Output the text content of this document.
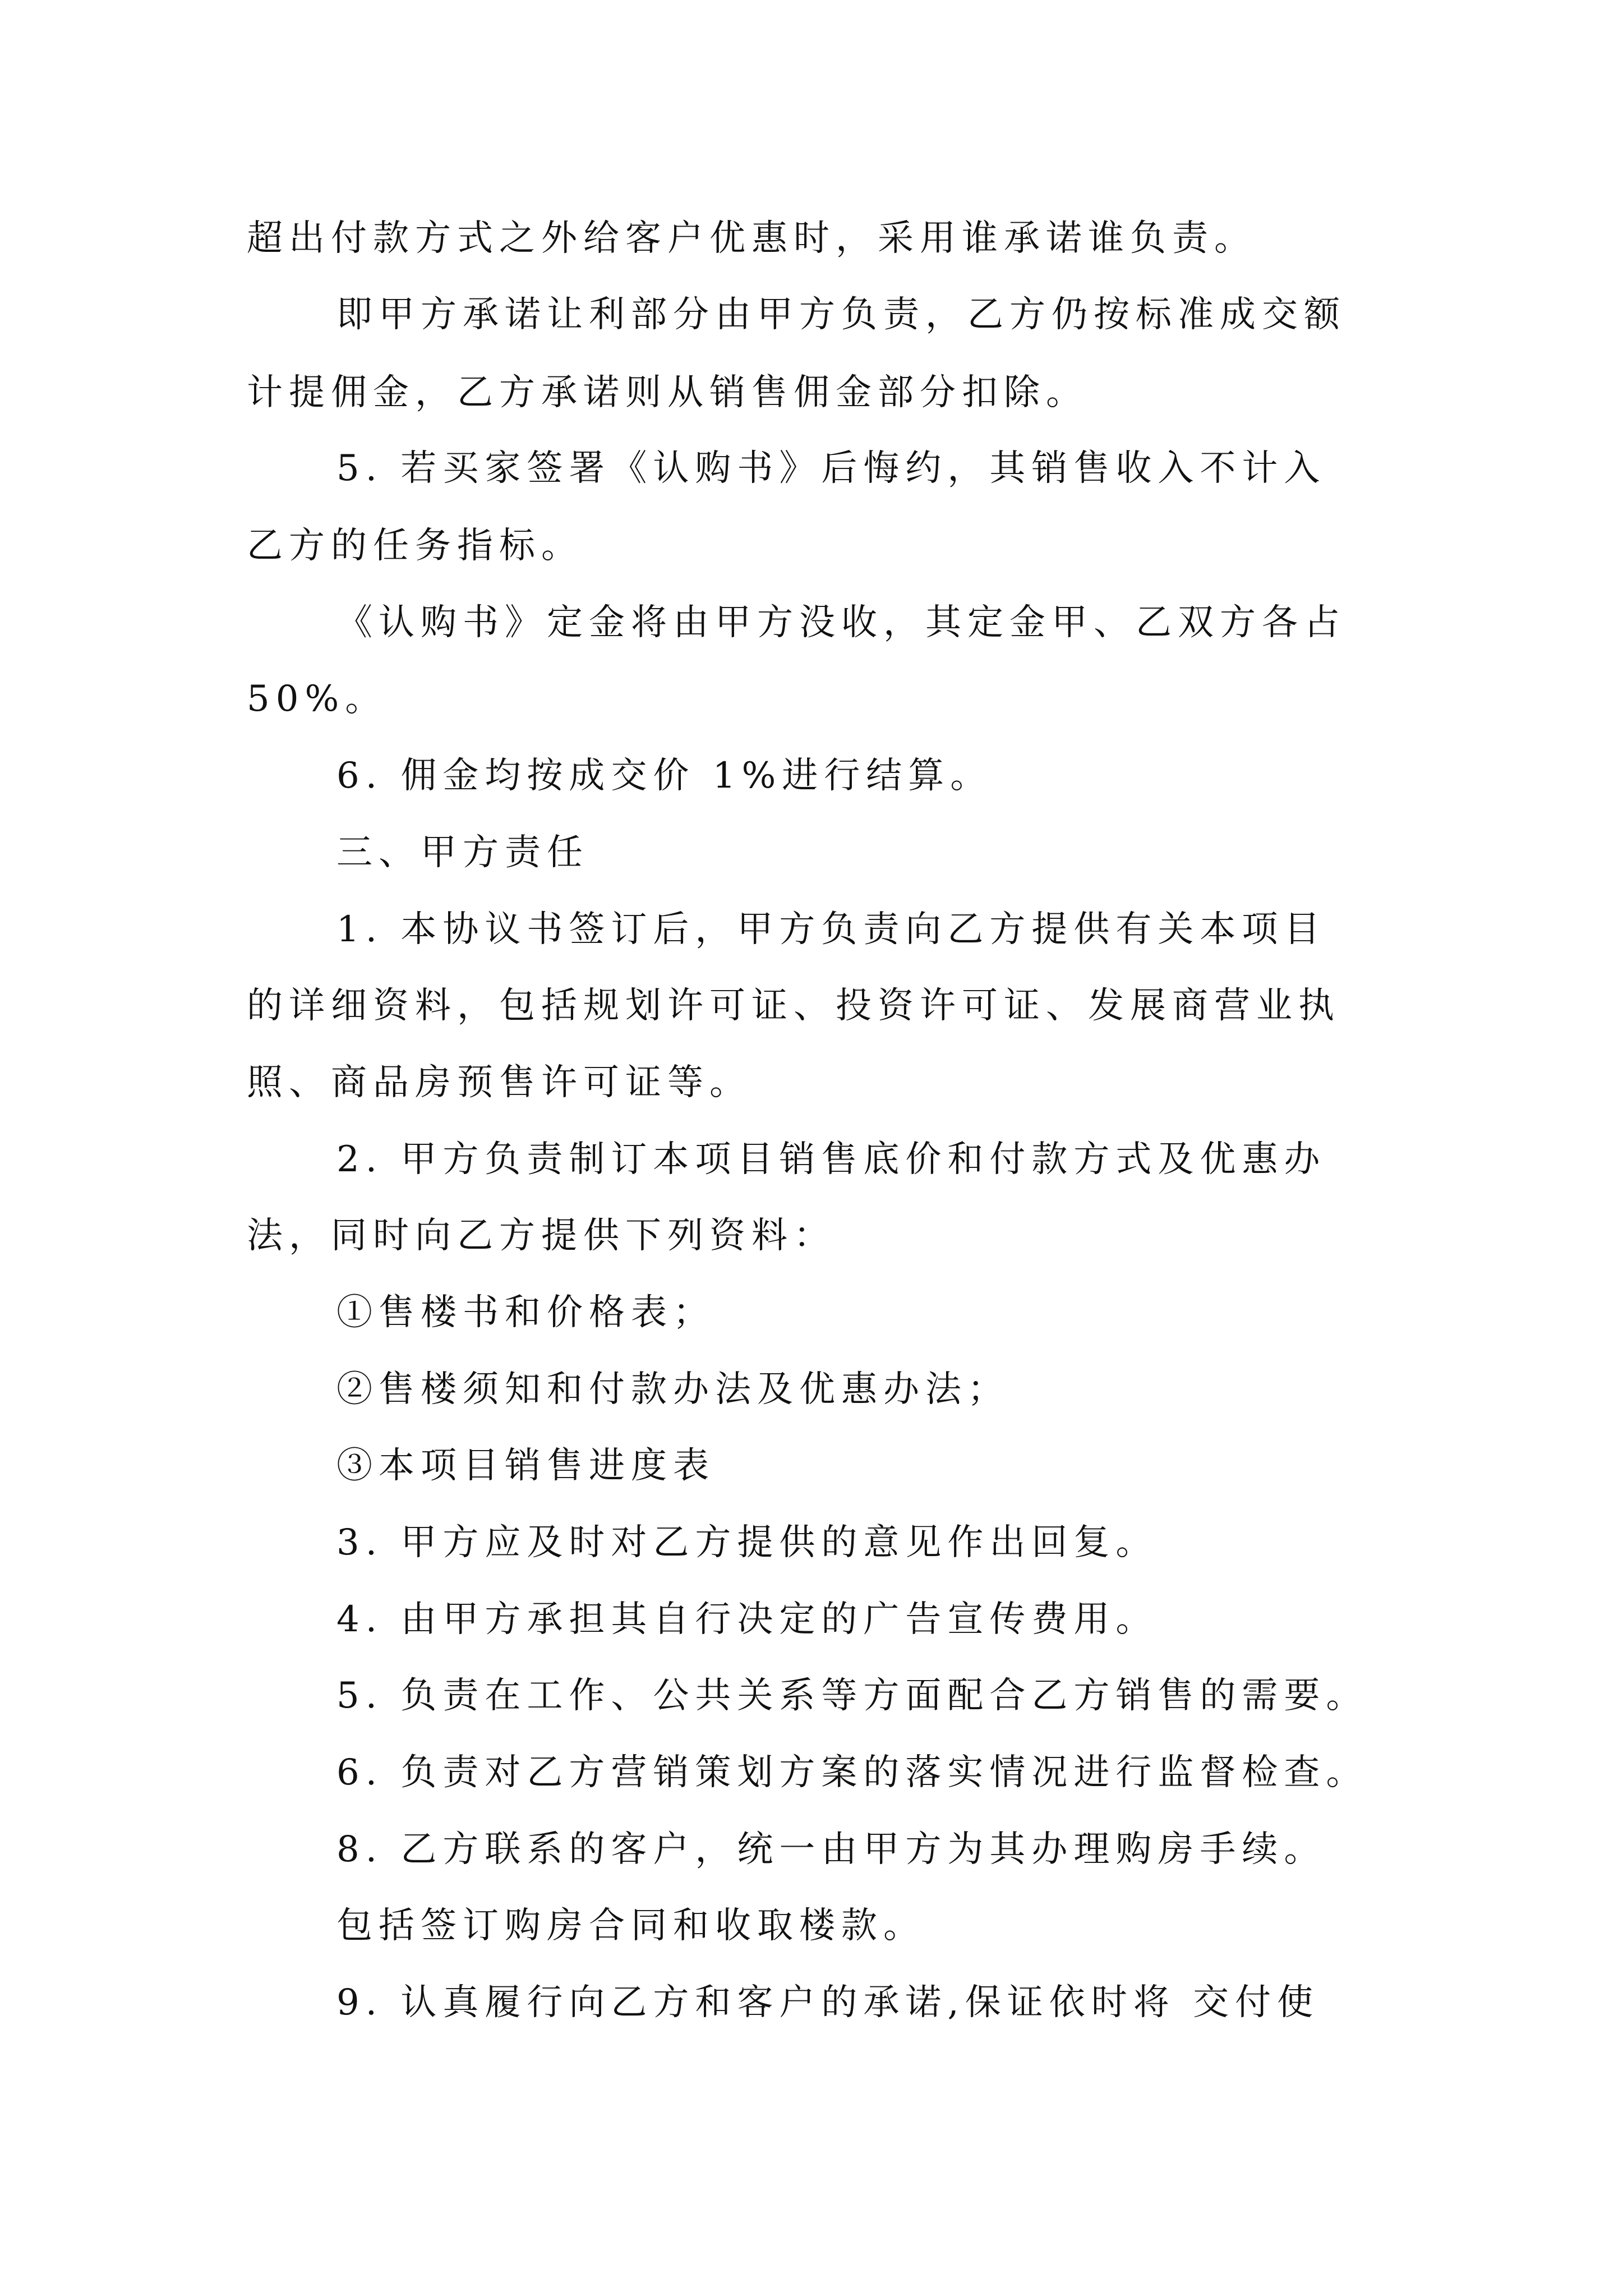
超出付款方式之外给客户优惠时，采用谁承诺谁负责。
即甲方承诺让利部分由甲方负责，乙方仍按标准成交额
计提佣金，乙方承诺则从销售佣金部分扣除。
5. 若买家签署《认购书》后悔约，其销售收入不计入
乙方的任务指标。
《认购书》定金将由甲方没收，其定金甲、乙双方各占
50%。
6. 佣金均按成交价 1%进行结算。
三、甲方责任
1. 本协议书签订后，甲方负责向乙方提供有关本项目
的详细资料，包括规划许可证、投资许可证、发展商营业执
照、商品房预售许可证等。
2. 甲方负责制订本项目销售底价和付款方式及优惠办
法，同时向乙方提供下列资料：
①售楼书和价格表；
②售楼须知和付款办法及优惠办法；
③本项目销售进度表
3. 甲方应及时对乙方提供的意见作出回复。
4. 由甲方承担其自行决定的广告宣传费用。
5. 负责在工作、公共关系等方面配合乙方销售的需要。
6. 负责对乙方营销策划方案的落实情况进行监督检查。
8. 乙方联系的客户，统一由甲方为其办理购房手续。
包括签订购房合同和收取楼款。
9. 认真履行向乙方和客户的承诺,保证依时将 交付使
